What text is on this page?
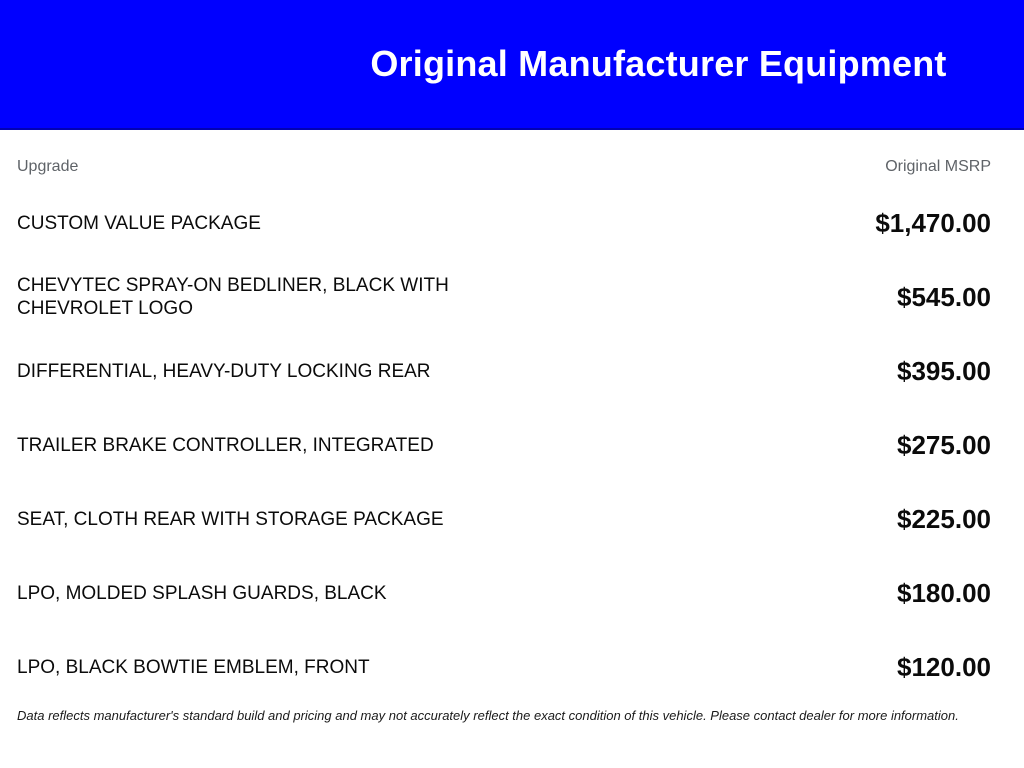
Original Manufacturer Equipment
Upgrade	Original MSRP
CUSTOM VALUE PACKAGE	$1,470.00
CHEVYTEC SPRAY-ON BEDLINER, BLACK WITH CHEVROLET LOGO	$545.00
DIFFERENTIAL, HEAVY-DUTY LOCKING REAR	$395.00
TRAILER BRAKE CONTROLLER, INTEGRATED	$275.00
SEAT, CLOTH REAR WITH STORAGE PACKAGE	$225.00
LPO, MOLDED SPLASH GUARDS, BLACK	$180.00
LPO, BLACK BOWTIE EMBLEM, FRONT	$120.00
Data reflects manufacturer's standard build and pricing and may not accurately reflect the exact condition of this vehicle. Please contact dealer for more information.
